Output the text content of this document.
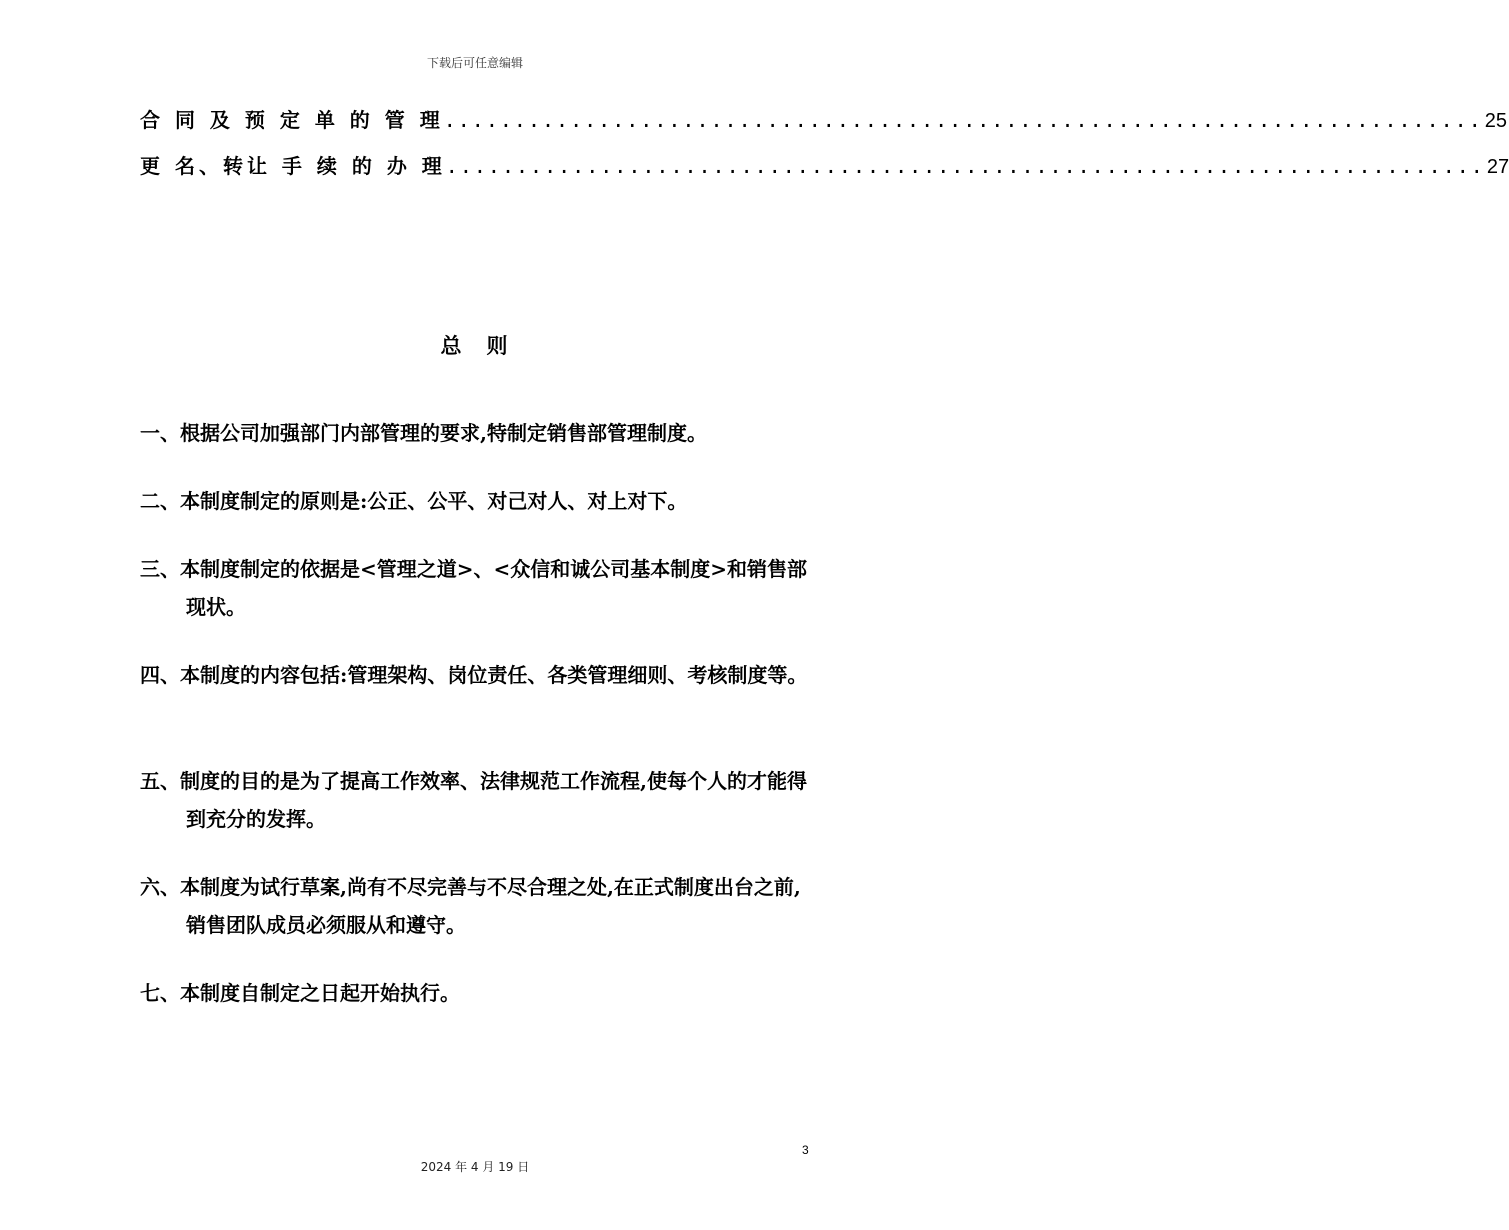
下载后可任意编辑
合 同 及 预 定 单 的 管 理 .......................................................................... 25
更 名、转让 手 续 的 办 理 .......................................................................... 27
总　则
一、根据公司加强部门内部管理的要求,特制定销售部管理制度。
二、本制度制定的原则是:公正、公平、对己对人、对上对下。
三、本制度制定的依据是<管理之道>、<众信和诚公司基本制度>和销售部现状。
四、本制度的内容包括:管理架构、岗位责任、各类管理细则、考核制度等。
五、制度的目的是为了提高工作效率、法律规范工作流程,使每个人的才能得到充分的发挥。
六、本制度为试行草案,尚有不尽完善与不尽合理之处,在正式制度出台之前,销售团队成员必须服从和遵守。
七、本制度自制定之日起开始执行。
3
2024 年 4 月 19 日
